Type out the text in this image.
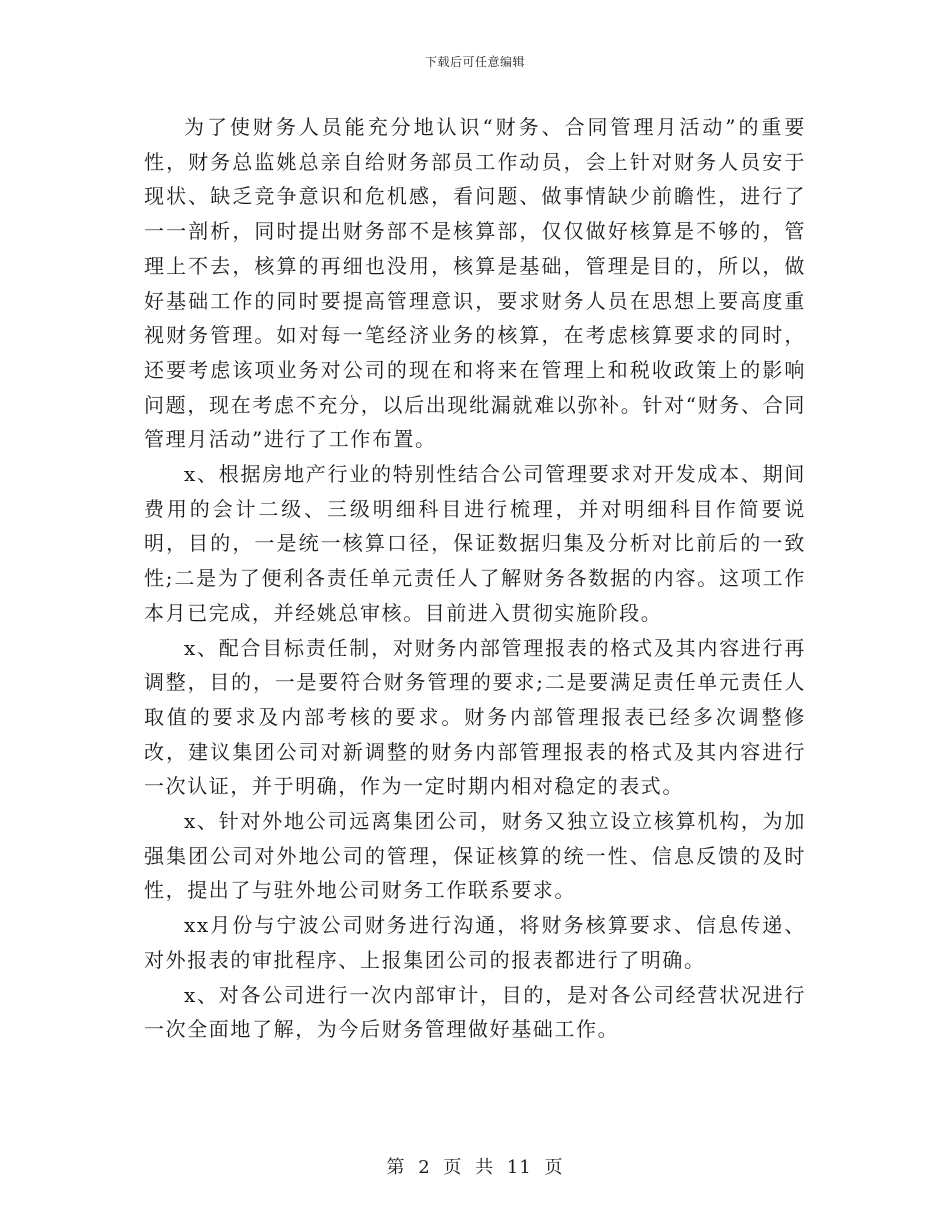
下载后可任意编辑

为了使财务人员能充分地认识“财务、合同管理月活动”的重要性，财务总监姚总亲自给财务部员工作动员，会上针对财务人员安于现状、缺乏竞争意识和危机感，看问题、做事情缺少前瞻性，进行了一一剖析，同时提出财务部不是核算部，仅仅做好核算是不够的，管理上不去，核算的再细也没用，核算是基础，管理是目的，所以，做好基础工作的同时要提高管理意识，要求财务人员在思想上要高度重视财务管理。如对每一笔经济业务的核算，在考虑核算要求的同时，还要考虑该项业务对公司的现在和将来在管理上和税收政策上的影响问题，现在考虑不充分，以后出现纰漏就难以弥补。针对“财务、合同管理月活动”进行了工作布置。

x、根据房地产行业的特别性结合公司管理要求对开发成本、期间费用的会计二级、三级明细科目进行梳理，并对明细科目作简要说明，目的，一是统一核算口径，保证数据归集及分析对比前后的一致性;二是为了便利各责任单元责任人了解财务各数据的内容。这项工作本月已完成，并经姚总审核。目前进入贯彻实施阶段。

x、配合目标责任制，对财务内部管理报表的格式及其内容进行再调整，目的，一是要符合财务管理的要求;二是要满足责任单元责任人取值的要求及内部考核的要求。财务内部管理报表已经多次调整修改，建议集团公司对新调整的财务内部管理报表的格式及其内容进行一次认证，并于明确，作为一定时期内相对稳定的表式。

x、针对外地公司远离集团公司，财务又独立设立核算机构，为加强集团公司对外地公司的管理，保证核算的统一性、信息反馈的及时性，提出了与驻外地公司财务工作联系要求。

xx月份与宁波公司财务进行沟通，将财务核算要求、信息传递、对外报表的审批程序、上报集团公司的报表都进行了明确。

x、对各公司进行一次内部审计，目的，是对各公司经营状况进行一次全面地了解，为今后财务管理做好基础工作。

第 2 页 共 11 页
